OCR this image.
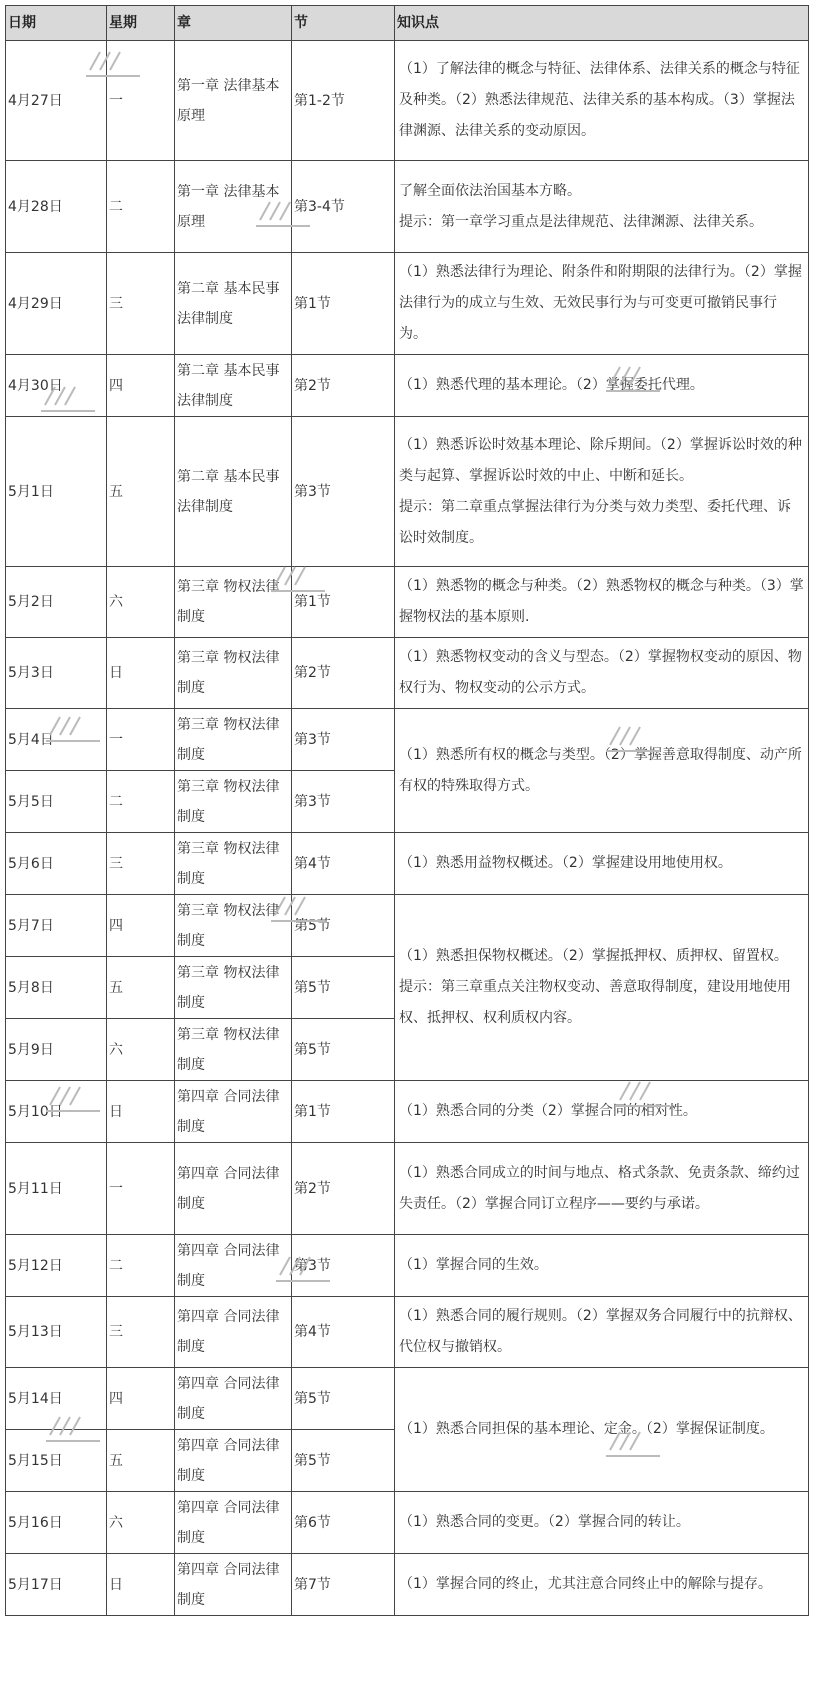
日期	星期	章	节	知识点
4月27日	一	第一章 法律基本原理	第1-2节	（1）了解法律的概念与特征、法律体系、法律关系的概念与特征及种类。（2）熟悉法律规范、法律关系的基本构成。（3）掌握法律渊源、法律关系的变动原因。

4月28日	二	第一章 法律基本原理	第3-4节	了解全面依法治国基本方略。
提示：第一章学习重点是法律规范、法律渊源、法律关系。

4月29日	三	第二章 基本民事法律制度	第1节	（1）熟悉法律行为理论、附条件和附期限的法律行为。（2）掌握法律行为的成立与生效、无效民事行为与可变更可撤销民事行为。

4月30日	四	第二章 基本民事法律制度	第2节	（1）熟悉代理的基本理论。（2）掌握委托代理。

5月1日	五	第二章 基本民事法律制度	第3节	（1）熟悉诉讼时效基本理论、除斥期间。（2）掌握诉讼时效的种类与起算、掌握诉讼时效的中止、中断和延长。
提示：第二章重点掌握法律行为分类与效力类型、委托代理、诉讼时效制度。

5月2日	六	第三章 物权法律制度	第1节	（1）熟悉物的概念与种类。（2）熟悉物权的概念与种类。（3）掌握物权法的基本原则.

5月3日	日	第三章 物权法律制度	第2节	（1）熟悉物权变动的含义与型态。（2）掌握物权变动的原因、物权行为、物权变动的公示方式。

5月4日	一	第三章 物权法律制度	第3节	（1）熟悉所有权的概念与类型。（2）掌握善意取得制度、动产所有权的特殊取得方式。

5月5日	二	第三章 物权法律制度	第3节	
5月6日	三	第三章 物权法律制度	第4节	（1）熟悉用益物权概述。（2）掌握建设用地使用权。

5月7日	四	第三章 物权法律制度	第5节	（1）熟悉担保物权概述。（2）掌握抵押权、质押权、留置权。
提示：第三章重点关注物权变动、善意取得制度，建设用地使用权、抵押权、权利质权内容。

5月8日	五	第三章 物权法律制度	第5节	
5月9日	六	第三章 物权法律制度	第5节	
5月10日	日	第四章 合同法律制度	第1节	（1）熟悉合同的分类（2）掌握合同的相对性。

5月11日	一	第四章 合同法律制度	第2节	（1）熟悉合同成立的时间与地点、格式条款、免责条款、缔约过失责任。（2）掌握合同订立程序——要约与承诺。

5月12日	二	第四章 合同法律制度	第3节	（1）掌握合同的生效。

5月13日	三	第四章 合同法律制度	第4节	（1）熟悉合同的履行规则。（2）掌握双务合同履行中的抗辩权、代位权与撤销权。

5月14日	四	第四章 合同法律制度	第5节	（1）熟悉合同担保的基本理论、定金。（2）掌握保证制度。

5月15日	五	第四章 合同法律制度	第5节	
5月16日	六	第四章 合同法律制度	第6节	（1）熟悉合同的变更。（2）掌握合同的转让。

5月17日	日	第四章 合同法律制度	第7节	（1）掌握合同的终止，尤其注意合同终止中的解除与提存。
